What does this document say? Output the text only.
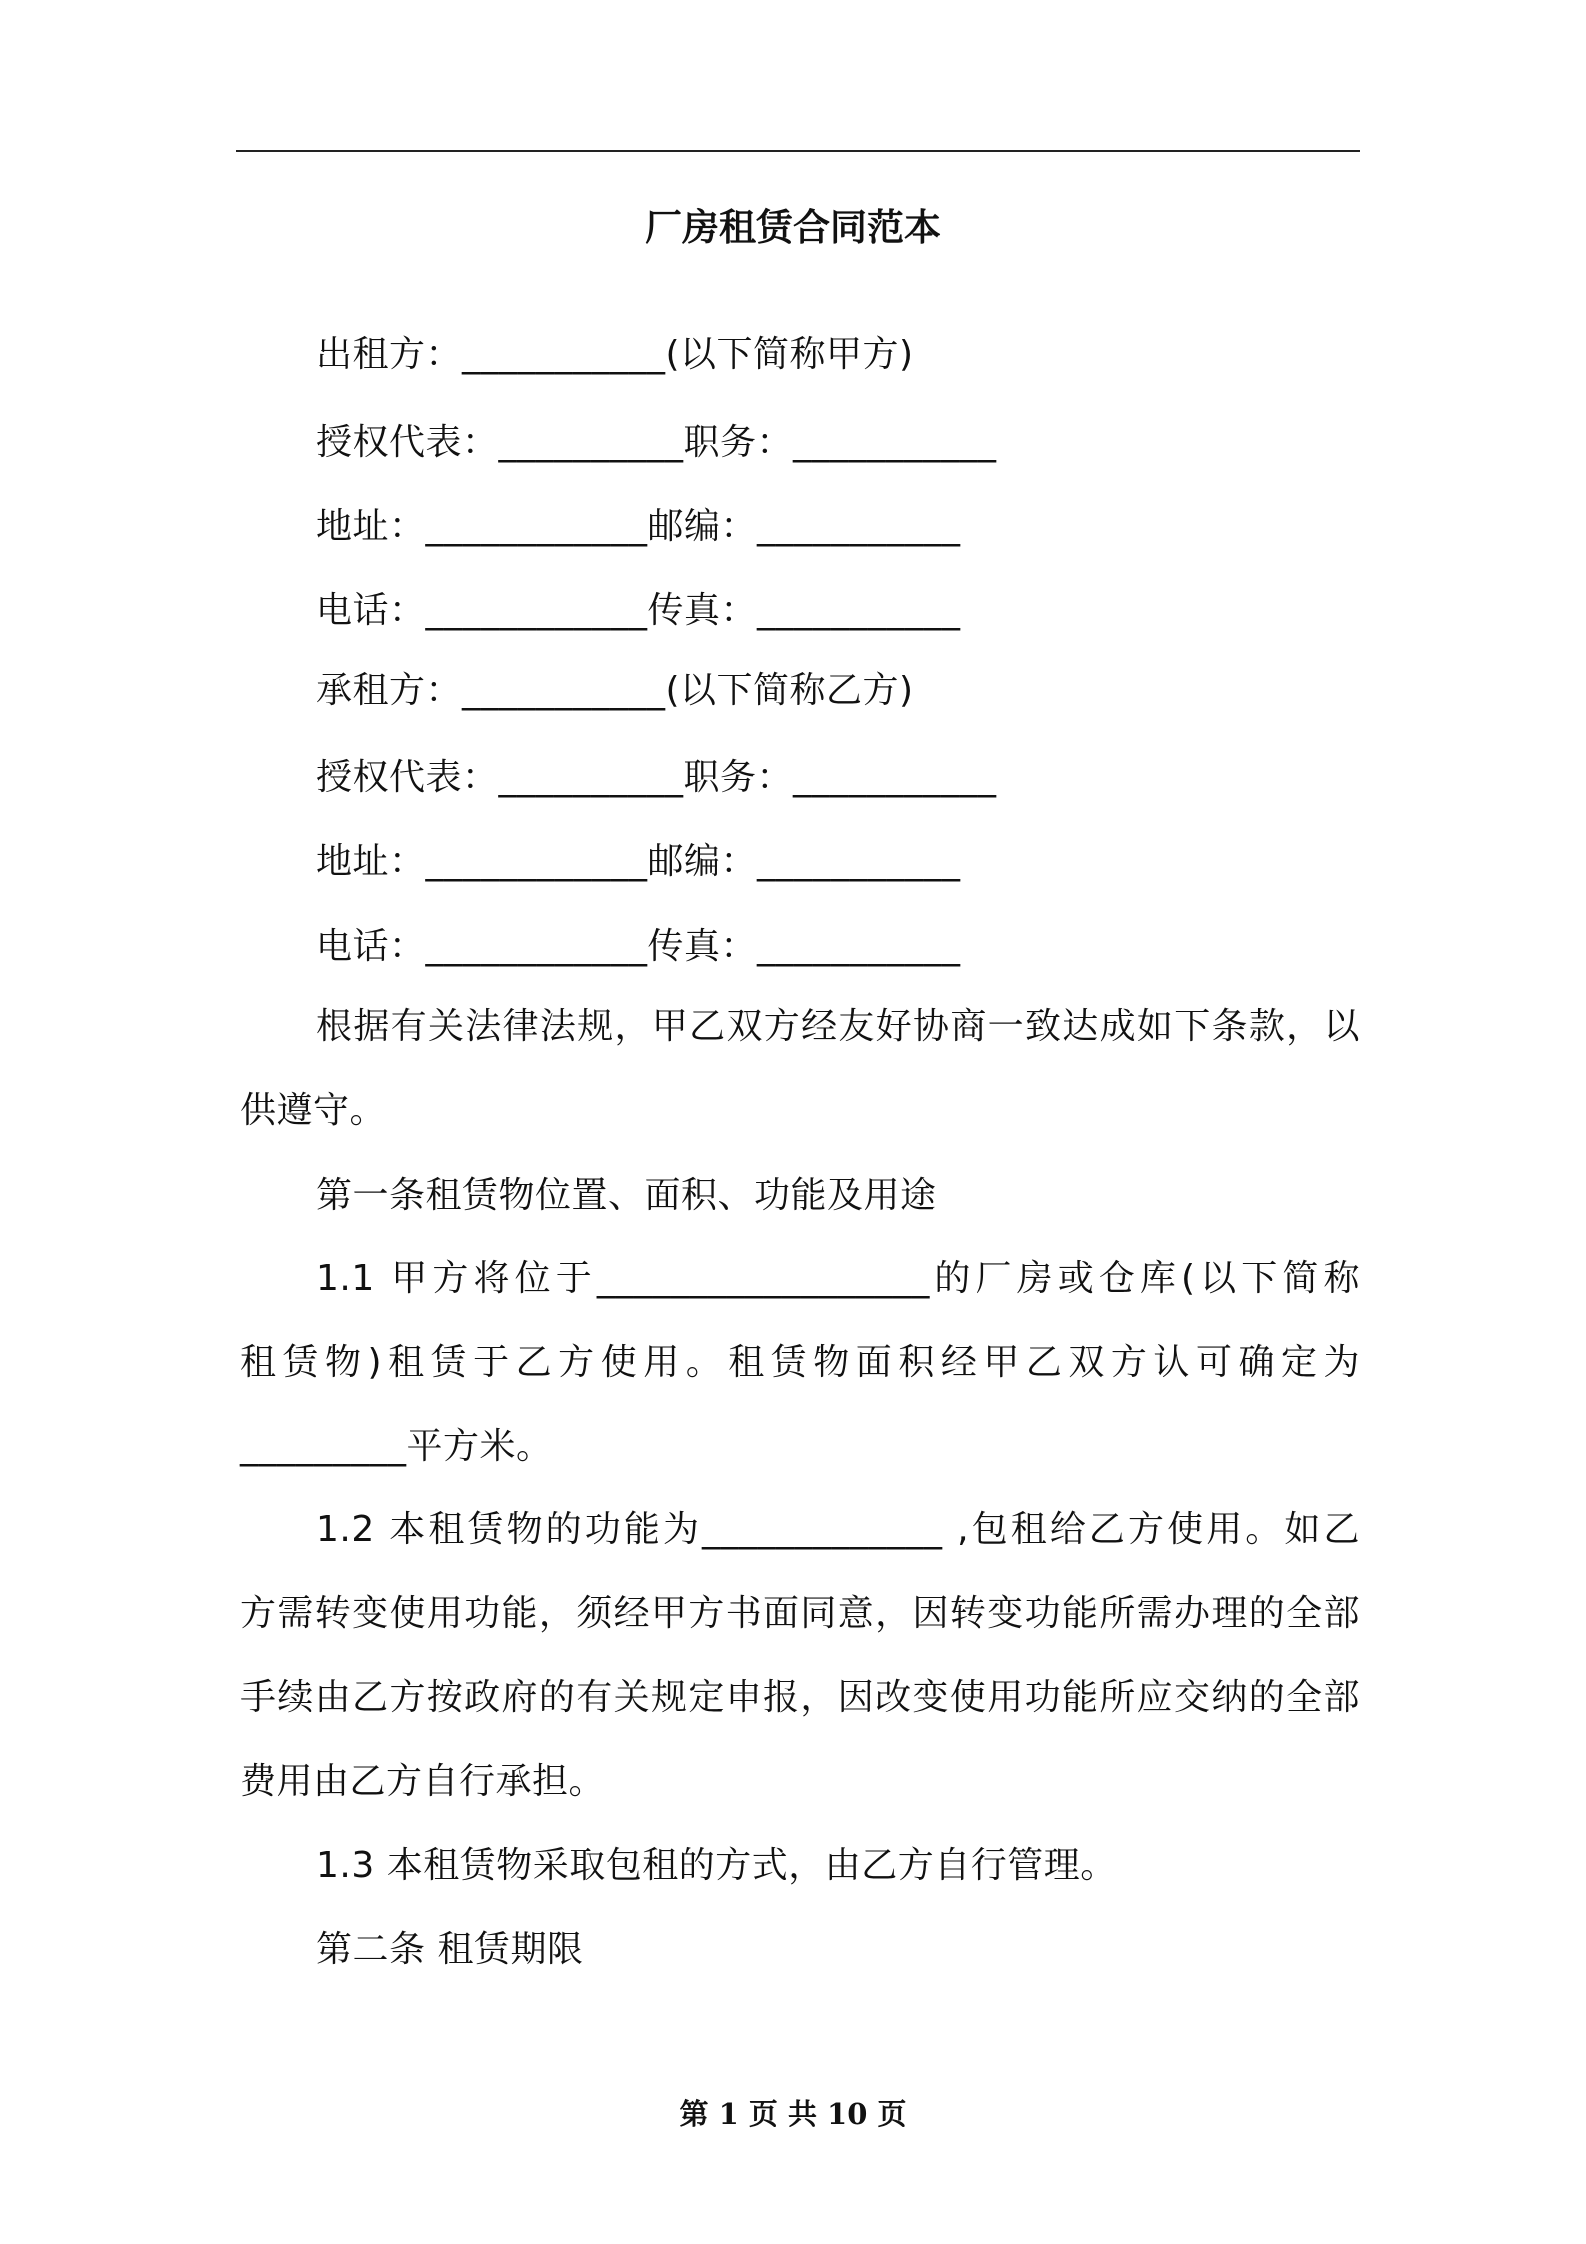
厂房租赁合同范本
出租方：___________(以下简称甲方)
授权代表：__________职务：___________
地址：____________邮编：___________
电话：____________传真：___________
承租方：___________(以下简称乙方)
授权代表：__________职务：___________
地址：____________邮编：___________
电话：____________传真：___________
根据有关法律法规，甲乙双方经友好协商一致达成如下条款，以
供遵守。
第一条租赁物位置、面积、功能及用途
1.1 甲方将位于__________________的厂房或仓库(以下简称
租赁物)租赁于乙方使用。租赁物面积经甲乙双方认可确定为
_________平方米。
1.2 本租赁物的功能为_____________ ,包租给乙方使用。如乙
方需转变使用功能，须经甲方书面同意，因转变功能所需办理的全部
手续由乙方按政府的有关规定申报，因改变使用功能所应交纳的全部
费用由乙方自行承担。
1.3 本租赁物采取包租的方式，由乙方自行管理。
第二条 租赁期限
第 1 页 共 10 页
